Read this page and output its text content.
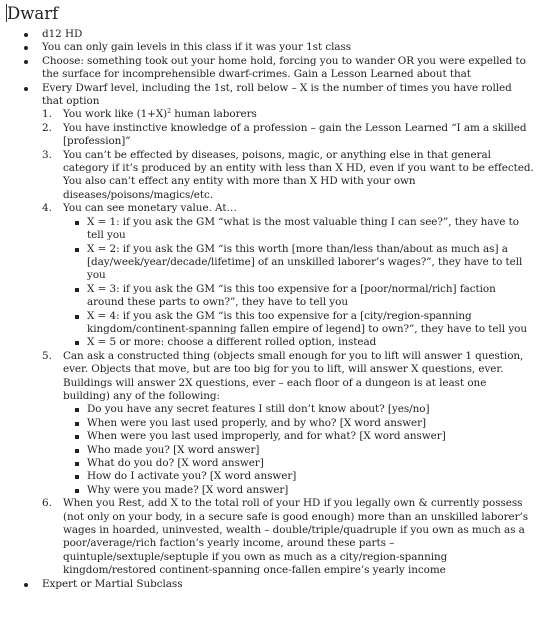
Dwarf
d12 HD
You can only gain levels in this class if it was your 1st class
Choose: something took out your home hold, forcing you to wander OR you were expelled to the surface for incomprehensible dwarf-crimes. Gain a Lesson Learned about that
Every Dwarf level, including the 1st, roll below – X is the number of times you have rolled that option
You work like $(1+X)^2$ human laborers
You have instinctive knowledge of a profession – gain the Lesson Learned “I am a skilled [profession]”
You can’t be effected by diseases, poisons, magic, or anything else in that general category if it’s produced by an entity with less than X HD, even if you want to be effected. You also can’t effect any entity with more than X HD with your own diseases/poisons/magics/etc.
You can see monetary value. At…
X = 1: if you ask the GM “what is the most valuable thing I can see?”, they have to tell you
X = 2: if you ask the GM “is this worth [more than/less than/about as much as] a [day/week/year/decade/lifetime] of an unskilled laborer’s wages?”, they have to tell you
X = 3: if you ask the GM “is this too expensive for a [poor/normal/rich] faction around these parts to own?”, they have to tell you
X = 4: if you ask the GM “is this too expensive for a [city/region-spanning kingdom/continent-spanning fallen empire of legend] to own?”, they have to tell you
X = 5 or more: choose a different rolled option, instead
Can ask a constructed thing (objects small enough for you to lift will answer 1 question, ever. Objects that move, but are too big for you to lift, will answer X questions, ever. Buildings will answer 2X questions, ever – each floor of a dungeon is at least one building) any of the following:
Do you have any secret features I still don’t know about? [yes/no]
When were you last used properly, and by who? [X word answer]
When were you last used improperly, and for what? [X word answer]
Who made you? [X word answer]
What do you do? [X word answer]
How do I activate you? [X word answer]
Why were you made? [X word answer]
When you Rest, add X to the total roll of your HD if you legally own & currently possess (not only on your body, in a secure safe is good enough) more than an unskilled laborer’s wages in hoarded, uninvested, wealth – double/triple/quadruple if you own as much as a poor/average/rich faction’s yearly income, around these parts – quintuple/sextuple/septuple if you own as much as a city/region-spanning kingdom/restored continent-spanning once-fallen empire’s yearly income
Expert or Martial Subclass
